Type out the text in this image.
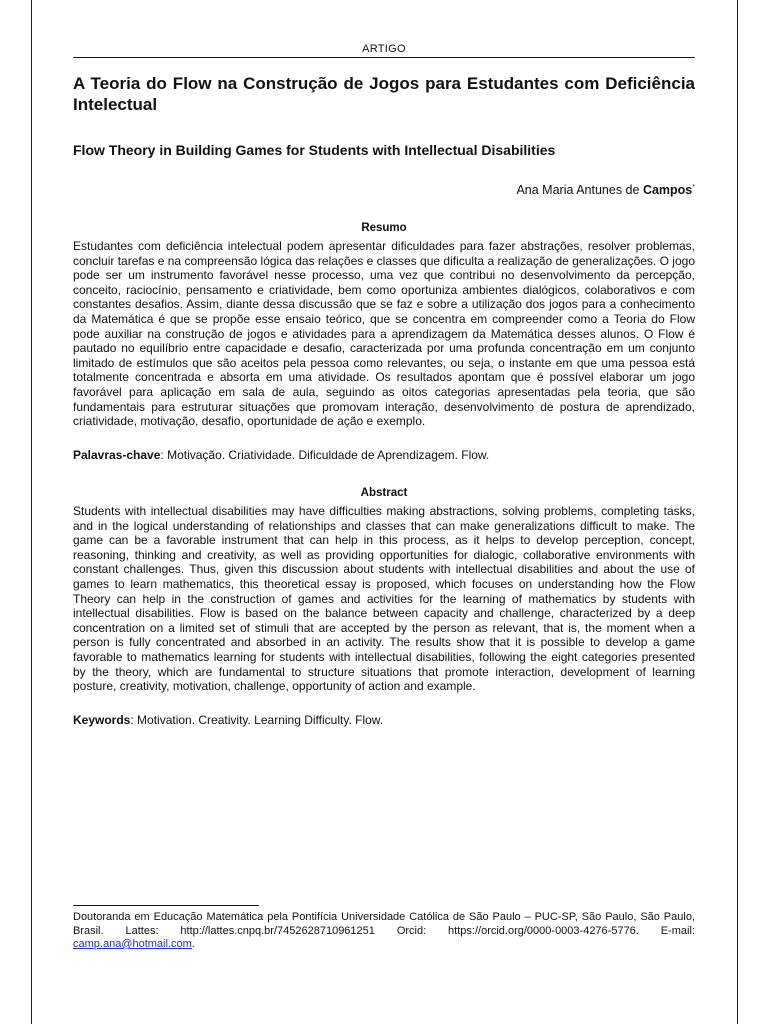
ARTIGO
A Teoria do Flow na Construção de Jogos para Estudantes com Deficiência Intelectual
Flow Theory in Building Games for Students with Intellectual Disabilities
Ana Maria Antunes de Campos*
Resumo

Estudantes com deficiência intelectual podem apresentar dificuldades para fazer abstrações, resolver problemas, concluir tarefas e na compreensão lógica das relações e classes que dificulta a realização de generalizações. O jogo pode ser um instrumento favorável nesse processo, uma vez que contribui no desenvolvimento da percepção, conceito, raciocínio, pensamento e criatividade, bem como oportuniza ambientes dialógicos, colaborativos e com constantes desafios. Assim, diante dessa discussão que se faz e sobre a utilização dos jogos para a conhecimento da Matemática é que se propõe esse ensaio teórico, que se concentra em compreender como a Teoria do Flow pode auxiliar na construção de jogos e atividades para a aprendizagem da Matemática desses alunos. O Flow é pautado no equilíbrio entre capacidade e desafio, caracterizada por uma profunda concentração em um conjunto limitado de estímulos que são aceitos pela pessoa como relevantes, ou seja, o instante em que uma pessoa está totalmente concentrada e absorta em uma atividade. Os resultados apontam que é possível elaborar um jogo favorável para aplicação em sala de aula, seguindo as oitos categorias apresentadas pela teoria, que são fundamentais para estruturar situações que promovam interação, desenvolvimento de postura de aprendizado, criatividade, motivação, desafio, oportunidade de ação e exemplo.

Palavras-chave: Motivação. Criatividade. Dificuldade de Aprendizagem. Flow.

Abstract

Students with intellectual disabilities may have difficulties making abstractions, solving problems, completing tasks, and in the logical understanding of relationships and classes that can make generalizations difficult to make. The game can be a favorable instrument that can help in this process, as it helps to develop perception, concept, reasoning, thinking and creativity, as well as providing opportunities for dialogic, collaborative environments with constant challenges. Thus, given this discussion about students with intellectual disabilities and about the use of games to learn mathematics, this theoretical essay is proposed, which focuses on understanding how the Flow Theory can help in the construction of games and activities for the learning of mathematics by students with intellectual disabilities. Flow is based on the balance between capacity and challenge, characterized by a deep concentration on a limited set of stimuli that are accepted by the person as relevant, that is, the moment when a person is fully concentrated and absorbed in an activity. The results show that it is possible to develop a game favorable to mathematics learning for students with intellectual disabilities, following the eight categories presented by the theory, which are fundamental to structure situations that promote interaction, development of learning posture, creativity, motivation, challenge, opportunity of action and example.

Keywords: Motivation. Creativity. Learning Difficulty. Flow.

Doutoranda em Educação Matemática pela Pontifícia Universidade Católica de São Paulo – PUC-SP, São Paulo, São Paulo, Brasil. Lattes: http://lattes.cnpq.br/7452628710961251 Orcid: https://orcid.org/0000-0003-4276-5776. E-mail: camp.ana@hotmail.com.
